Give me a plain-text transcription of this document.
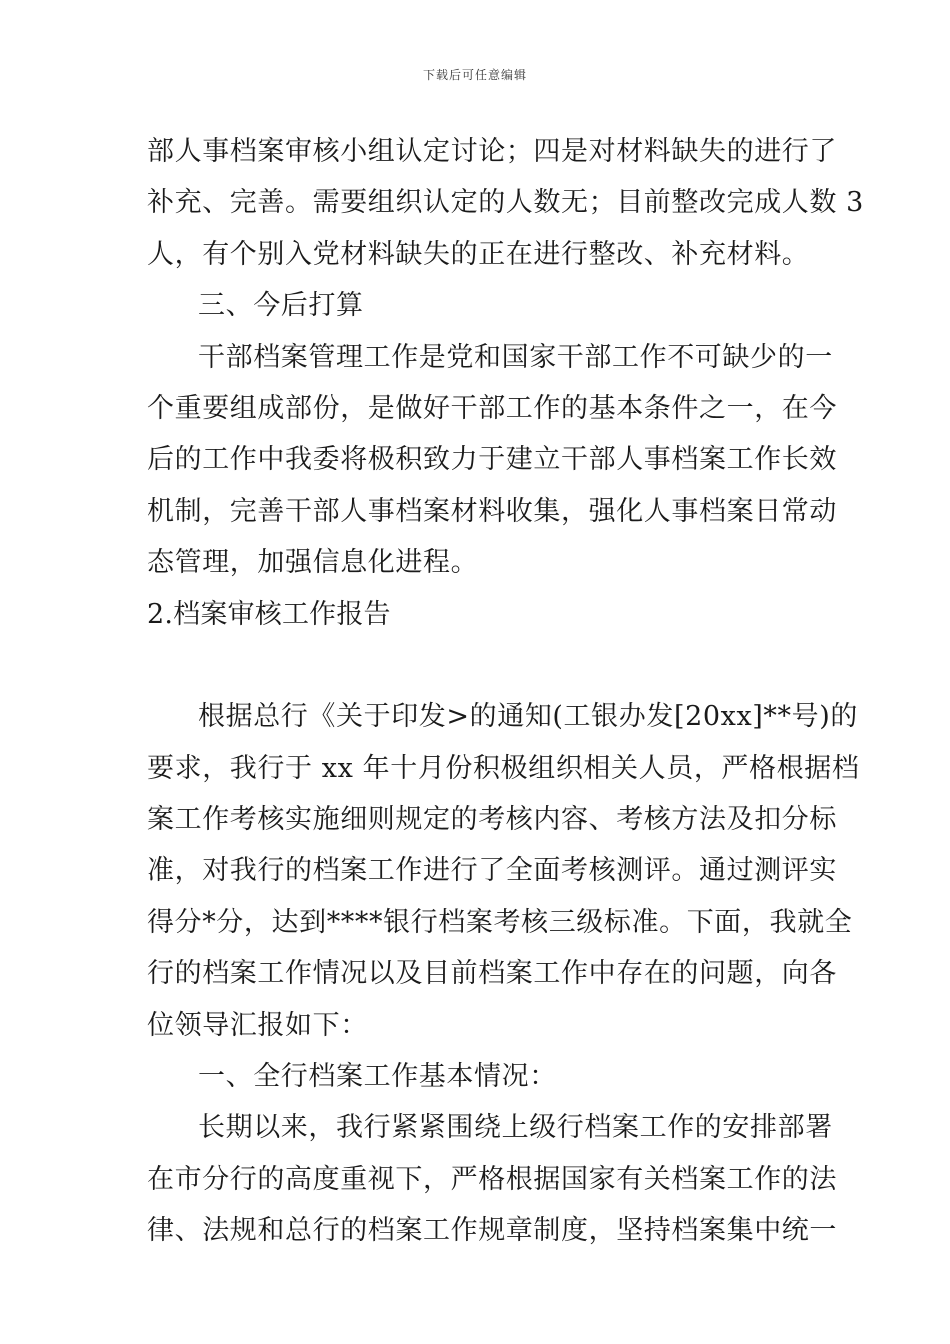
下载后可任意编辑
部人事档案审核小组认定讨论；四是对材料缺失的进行了
补充、完善。需要组织认定的人数无；目前整改完成人数 3
人，有个别入党材料缺失的正在进行整改、补充材料。
三、今后打算
干部档案管理工作是党和国家干部工作不可缺少的一
个重要组成部份，是做好干部工作的基本条件之一，在今
后的工作中我委将极积致力于建立干部人事档案工作长效
机制，完善干部人事档案材料收集，强化人事档案日常动
态管理，加强信息化进程。
2.档案审核工作报告
根据总行《关于印发>的通知(工银办发[20xx]**号)的
要求，我行于 xx 年十月份积极组织相关人员，严格根据档
案工作考核实施细则规定的考核内容、考核方法及扣分标
准，对我行的档案工作进行了全面考核测评。通过测评实
得分*分，达到****银行档案考核三级标准。下面，我就全
行的档案工作情况以及目前档案工作中存在的问题，向各
位领导汇报如下：
一、全行档案工作基本情况：
长期以来，我行紧紧围绕上级行档案工作的安排部署
在市分行的高度重视下，严格根据国家有关档案工作的法
律、法规和总行的档案工作规章制度，坚持档案集中统一
